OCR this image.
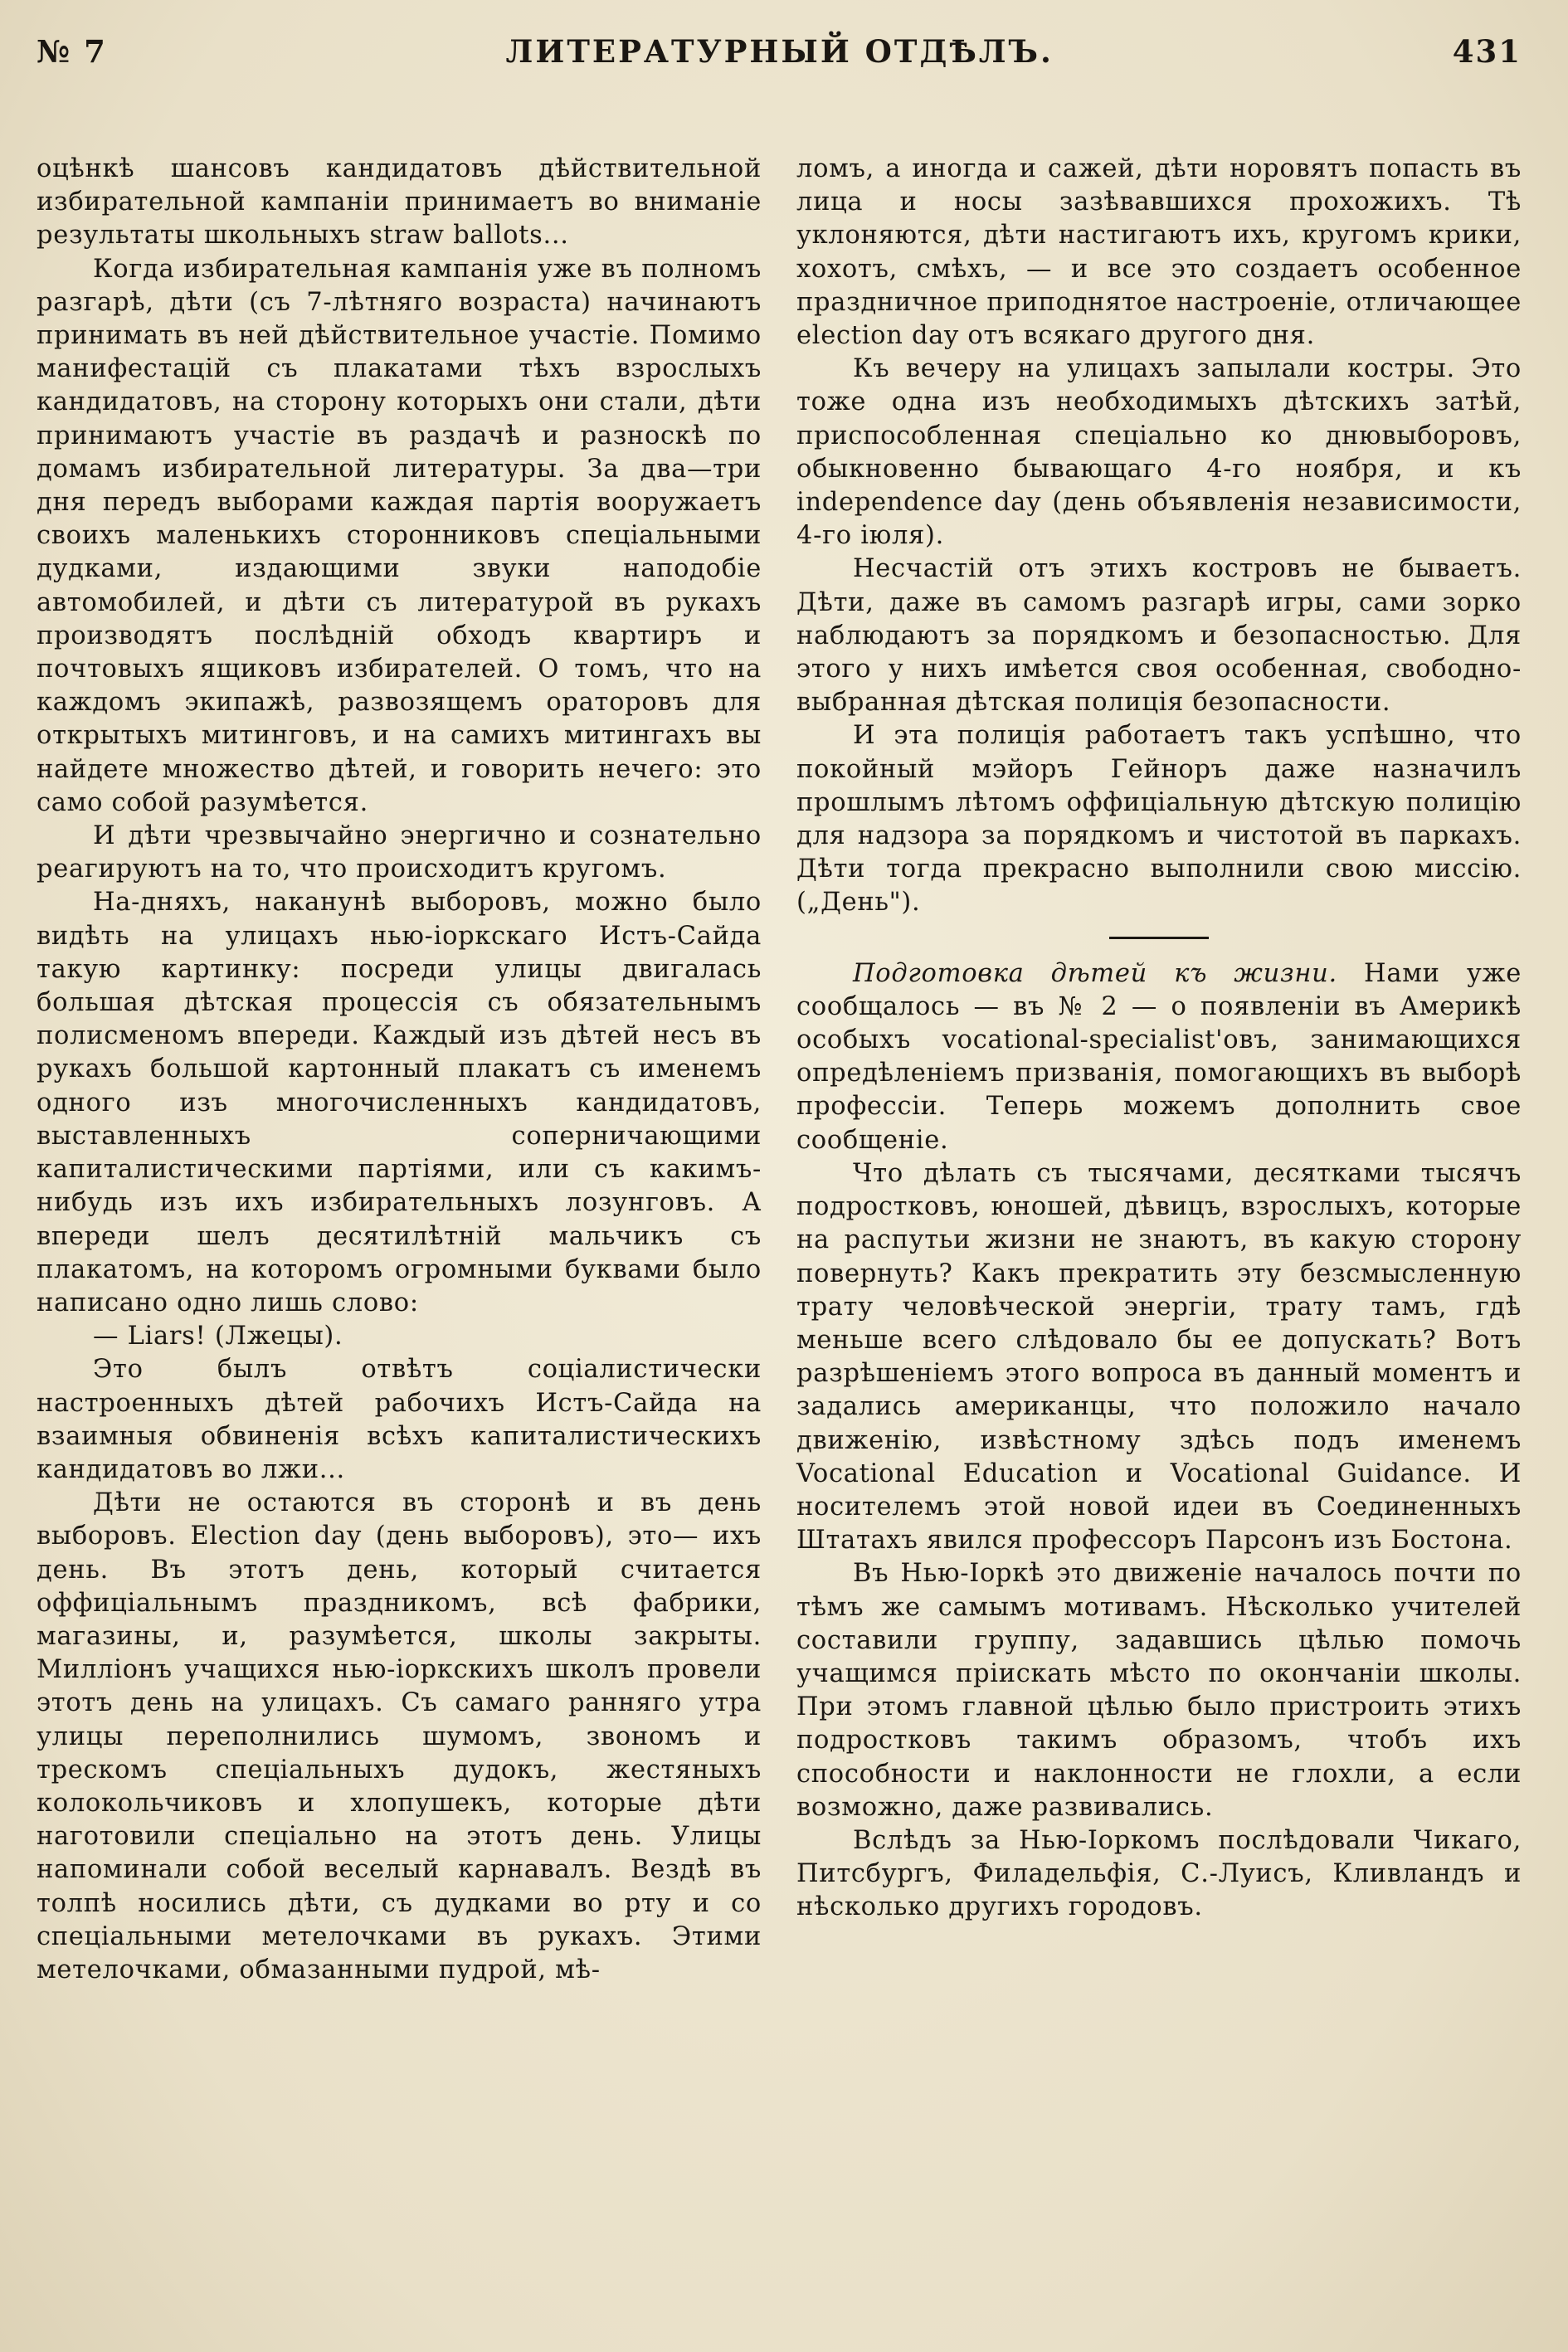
№ 7	ЛИТЕРАТУРНЫЙ ОТДѢЛЪ.	431

оцѣнкѣ шансовъ кандидатовъ дѣйствительной избирательной кампаніи принимаетъ во вниманіе результаты школьныхъ straw ballots...

Когда избирательная кампанія уже въ полномъ разгарѣ, дѣти (съ 7-лѣтняго возраста) начинаютъ принимать въ ней дѣйствительное участіе. Помимо манифестацій съ плакатами тѣхъ взрослыхъ кандидатовъ, на сторону которыхъ они стали, дѣти принимаютъ участіе въ раздачѣ и разноскѣ по домамъ избирательной литературы. За два—три дня передъ выборами каждая партія вооружаетъ своихъ маленькихъ сторонниковъ спеціальными дудками, издающими звуки наподобіе автомобилей, и дѣти съ литературой въ рукахъ производятъ послѣдній обходъ квартиръ и почтовыхъ ящиковъ избирателей. О томъ, что на каждомъ экипажѣ, развозящемъ ораторовъ для открытыхъ митинговъ, и на самихъ митингахъ вы найдете множество дѣтей, и говорить нечего: это само собой разумѣется.

И дѣти чрезвычайно энергично и сознательно реагируютъ на то, что происходитъ кругомъ.

На-дняхъ, наканунѣ выборовъ, можно было видѣть на улицахъ нью-іоркскаго Истъ-Сайда такую картинку: посреди улицы двигалась большая дѣтская процессія съ обязательнымъ полисменомъ впереди. Каждый изъ дѣтей несъ въ рукахъ большой картонный плакатъ съ именемъ одного изъ многочисленныхъ кандидатовъ, выставленныхъ соперничающими капиталистическими партіями, или съ какимъ-нибудь изъ ихъ избирательныхъ лозунговъ. А впереди шелъ десятилѣтній мальчикъ съ плакатомъ, на которомъ огромными буквами было написано одно лишь слово:

— Liars! (Лжецы).

Это былъ отвѣтъ соціалистически настроенныхъ дѣтей рабочихъ Истъ-Сайда на взаимныя обвиненія всѣхъ капиталистическихъ кандидатовъ во лжи...

Дѣти не остаются въ сторонѣ и въ день выборовъ. Election day (день выборовъ), это— ихъ день. Въ этотъ день, который считается оффиціальнымъ праздникомъ, всѣ фабрики, магазины, и, разумѣется, школы закрыты. Милліонъ учащихся нью-іоркскихъ школъ провели этотъ день на улицахъ. Съ самаго ранняго утра улицы переполнились шумомъ, звономъ и трескомъ спеціальныхъ дудокъ, жестяныхъ колокольчиковъ и хлопушекъ, которые дѣти наготовили спеціально на этотъ день. Улицы напоминали собой веселый карнавалъ. Вездѣ въ толпѣ носились дѣти, съ дудками во рту и со спеціальными метелочками въ рукахъ. Этими метелочками, обмазанными пудрой, мѣ-

ломъ, а иногда и сажей, дѣти норовятъ попасть въ лица и носы зазѣвавшихся прохожихъ. Тѣ уклоняются, дѣти настигаютъ ихъ, кругомъ крики, хохотъ, смѣхъ, — и все это создаетъ особенное праздничное приподнятое настроеніе, отличающее election day отъ всякаго другого дня.

Къ вечеру на улицахъ запылали костры. Это тоже одна изъ необходимыхъ дѣтскихъ затѣй, приспособленная спеціально ко днювыборовъ, обыкновенно бывающаго 4-го ноября, и къ independence day (день объявленія независимости, 4-го іюля).

Несчастій отъ этихъ костровъ не бываетъ. Дѣти, даже въ самомъ разгарѣ игры, сами зорко наблюдаютъ за порядкомъ и безопасностью. Для этого у нихъ имѣется своя особенная, свободно-выбранная дѣтская полиція безопасности.

И эта полиція работаетъ такъ успѣшно, что покойный мэйоръ Гейноръ даже назначилъ прошлымъ лѣтомъ оффиціальную дѣтскую полицію для надзора за порядкомъ и чистотой въ паркахъ. Дѣти тогда прекрасно выполнили свою миссію. („День").

Подготовка дѣтей къ жизни. Нами уже сообщалось — въ № 2 — о появленіи въ Америкѣ особыхъ vocational-specialist'овъ, занимающихся опредѣленіемъ призванія, помогающихъ въ выборѣ профессіи. Теперь можемъ дополнить свое сообщеніе.

Что дѣлать съ тысячами, десятками тысячъ подростковъ, юношей, дѣвицъ, взрослыхъ, которые на распутьи жизни не знаютъ, въ какую сторону повернуть? Какъ прекратить эту безсмысленную трату человѣческой энергіи, трату тамъ, гдѣ меньше всего слѣдовало бы ее допускать? Вотъ разрѣшеніемъ этого вопроса въ данный моментъ и задались американцы, что положило начало движенію, извѣстному здѣсь подъ именемъ Vocational Education и Vocational Guidance. И носителемъ этой новой идеи въ Соединенныхъ Штатахъ явился профессоръ Парсонъ изъ Бостона.

Въ Нью-Іоркѣ это движеніе началось почти по тѣмъ же самымъ мотивамъ. Нѣсколько учителей составили группу, задавшись цѣлью помочь учащимся пріискать мѣсто по окончаніи школы. При этомъ главной цѣлью было пристроить этихъ подростковъ такимъ образомъ, чтобъ ихъ способности и наклонности не глохли, а если возможно, даже развивались.

Вслѣдъ за Нью-Іоркомъ послѣдовали Чикаго, Питсбургъ, Филадельфія, С.-Луисъ, Кливландъ и нѣсколько другихъ городовъ.
